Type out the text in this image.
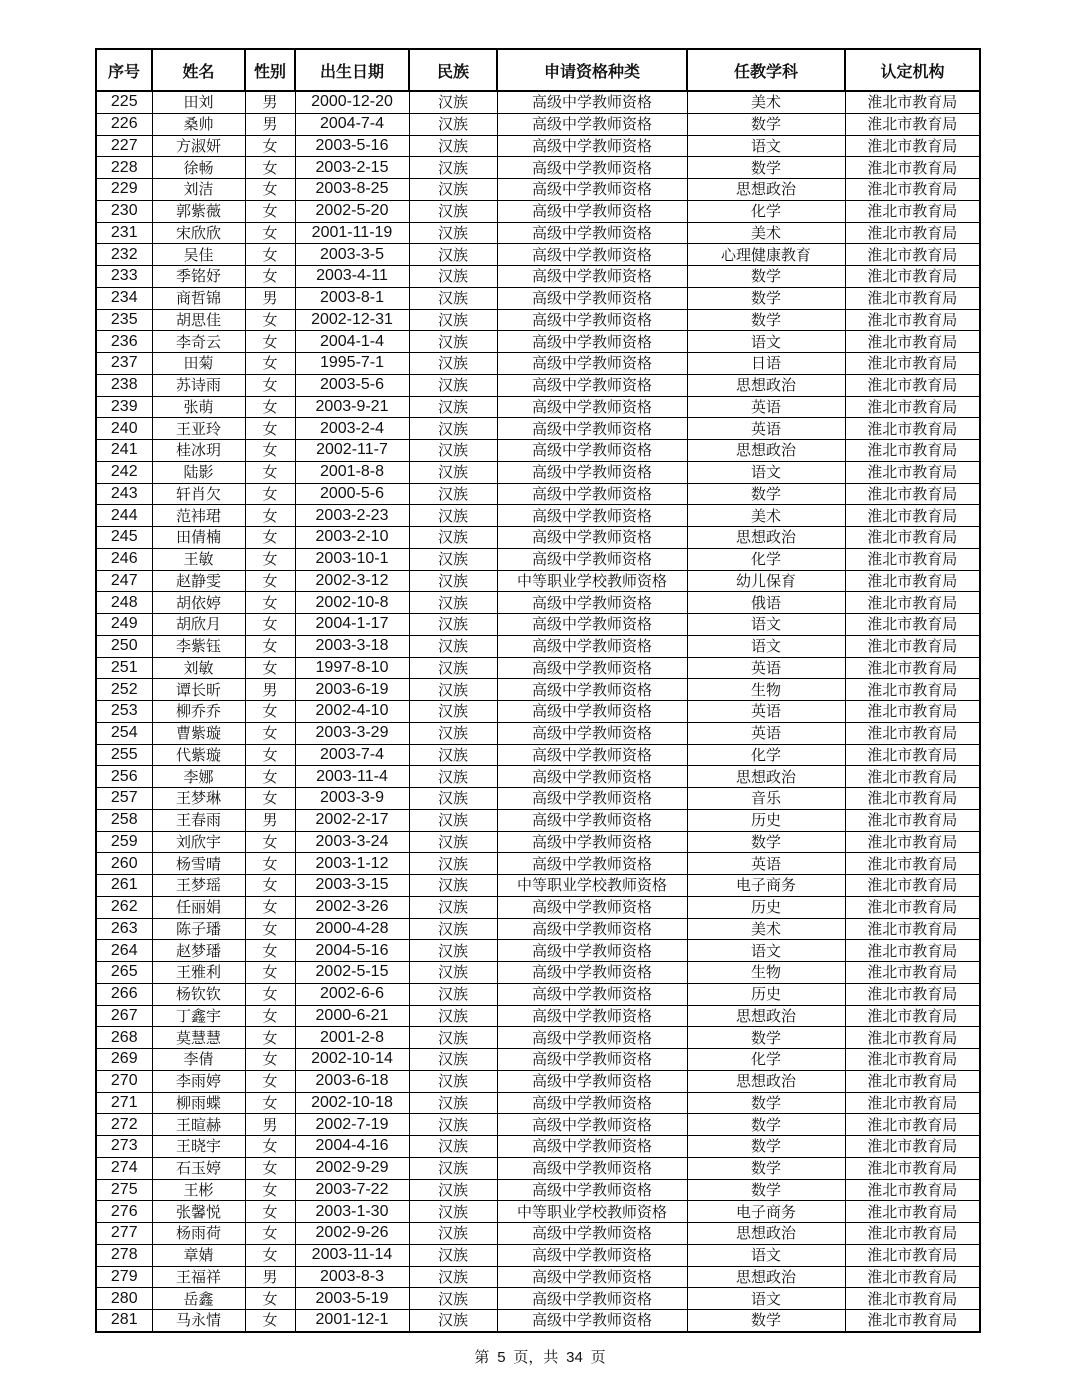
序号	姓名	性别	出生日期	民族	申请资格种类	任教学科	认定机构
225	田刘	男	2000-12-20	汉族	高级中学教师资格	美术	淮北市教育局
226	桑帅	男	2004-7-4	汉族	高级中学教师资格	数学	淮北市教育局
227	方淑妍	女	2003-5-16	汉族	高级中学教师资格	语文	淮北市教育局
228	徐畅	女	2003-2-15	汉族	高级中学教师资格	数学	淮北市教育局
229	刘洁	女	2003-8-25	汉族	高级中学教师资格	思想政治	淮北市教育局
230	郭紫薇	女	2002-5-20	汉族	高级中学教师资格	化学	淮北市教育局
231	宋欣欣	女	2001-11-19	汉族	高级中学教师资格	美术	淮北市教育局
232	吴佳	女	2003-3-5	汉族	高级中学教师资格	心理健康教育	淮北市教育局
233	季铭妤	女	2003-4-11	汉族	高级中学教师资格	数学	淮北市教育局
234	商哲锦	男	2003-8-1	汉族	高级中学教师资格	数学	淮北市教育局
235	胡思佳	女	2002-12-31	汉族	高级中学教师资格	数学	淮北市教育局
236	李奇云	女	2004-1-4	汉族	高级中学教师资格	语文	淮北市教育局
237	田菊	女	1995-7-1	汉族	高级中学教师资格	日语	淮北市教育局
238	苏诗雨	女	2003-5-6	汉族	高级中学教师资格	思想政治	淮北市教育局
239	张萌	女	2003-9-21	汉族	高级中学教师资格	英语	淮北市教育局
240	王亚玲	女	2003-2-4	汉族	高级中学教师资格	英语	淮北市教育局
241	桂冰玥	女	2002-11-7	汉族	高级中学教师资格	思想政治	淮北市教育局
242	陆影	女	2001-8-8	汉族	高级中学教师资格	语文	淮北市教育局
243	轩肖欠	女	2000-5-6	汉族	高级中学教师资格	数学	淮北市教育局
244	范袆珺	女	2003-2-23	汉族	高级中学教师资格	美术	淮北市教育局
245	田倩楠	女	2003-2-10	汉族	高级中学教师资格	思想政治	淮北市教育局
246	王敏	女	2003-10-1	汉族	高级中学教师资格	化学	淮北市教育局
247	赵静雯	女	2002-3-12	汉族	中等职业学校教师资格	幼儿保育	淮北市教育局
248	胡依婷	女	2002-10-8	汉族	高级中学教师资格	俄语	淮北市教育局
249	胡欣月	女	2004-1-17	汉族	高级中学教师资格	语文	淮北市教育局
250	李紫钰	女	2003-3-18	汉族	高级中学教师资格	语文	淮北市教育局
251	刘敏	女	1997-8-10	汉族	高级中学教师资格	英语	淮北市教育局
252	谭长昕	男	2003-6-19	汉族	高级中学教师资格	生物	淮北市教育局
253	柳乔乔	女	2002-4-10	汉族	高级中学教师资格	英语	淮北市教育局
254	曹紫璇	女	2003-3-29	汉族	高级中学教师资格	英语	淮北市教育局
255	代紫璇	女	2003-7-4	汉族	高级中学教师资格	化学	淮北市教育局
256	李娜	女	2003-11-4	汉族	高级中学教师资格	思想政治	淮北市教育局
257	王梦琳	女	2003-3-9	汉族	高级中学教师资格	音乐	淮北市教育局
258	王春雨	男	2002-2-17	汉族	高级中学教师资格	历史	淮北市教育局
259	刘欣宇	女	2003-3-24	汉族	高级中学教师资格	数学	淮北市教育局
260	杨雪晴	女	2003-1-12	汉族	高级中学教师资格	英语	淮北市教育局
261	王梦瑶	女	2003-3-15	汉族	中等职业学校教师资格	电子商务	淮北市教育局
262	任丽娟	女	2002-3-26	汉族	高级中学教师资格	历史	淮北市教育局
263	陈子璠	女	2000-4-28	汉族	高级中学教师资格	美术	淮北市教育局
264	赵梦璠	女	2004-5-16	汉族	高级中学教师资格	语文	淮北市教育局
265	王雅利	女	2002-5-15	汉族	高级中学教师资格	生物	淮北市教育局
266	杨钦钦	女	2002-6-6	汉族	高级中学教师资格	历史	淮北市教育局
267	丁鑫宇	女	2000-6-21	汉族	高级中学教师资格	思想政治	淮北市教育局
268	莫慧慧	女	2001-2-8	汉族	高级中学教师资格	数学	淮北市教育局
269	李倩	女	2002-10-14	汉族	高级中学教师资格	化学	淮北市教育局
270	李雨婷	女	2003-6-18	汉族	高级中学教师资格	思想政治	淮北市教育局
271	柳雨蝶	女	2002-10-18	汉族	高级中学教师资格	数学	淮北市教育局
272	王暄赫	男	2002-7-19	汉族	高级中学教师资格	数学	淮北市教育局
273	王晓宇	女	2004-4-16	汉族	高级中学教师资格	数学	淮北市教育局
274	石玉婷	女	2002-9-29	汉族	高级中学教师资格	数学	淮北市教育局
275	王彬	女	2003-7-22	汉族	高级中学教师资格	数学	淮北市教育局
276	张馨悦	女	2003-1-30	汉族	中等职业学校教师资格	电子商务	淮北市教育局
277	杨雨荷	女	2002-9-26	汉族	高级中学教师资格	思想政治	淮北市教育局
278	章婧	女	2003-11-14	汉族	高级中学教师资格	语文	淮北市教育局
279	王福祥	男	2003-8-3	汉族	高级中学教师资格	思想政治	淮北市教育局
280	岳鑫	女	2003-5-19	汉族	高级中学教师资格	语文	淮北市教育局
281	马永情	女	2001-12-1	汉族	高级中学教师资格	数学	淮北市教育局
第 5 页，共 34 页
